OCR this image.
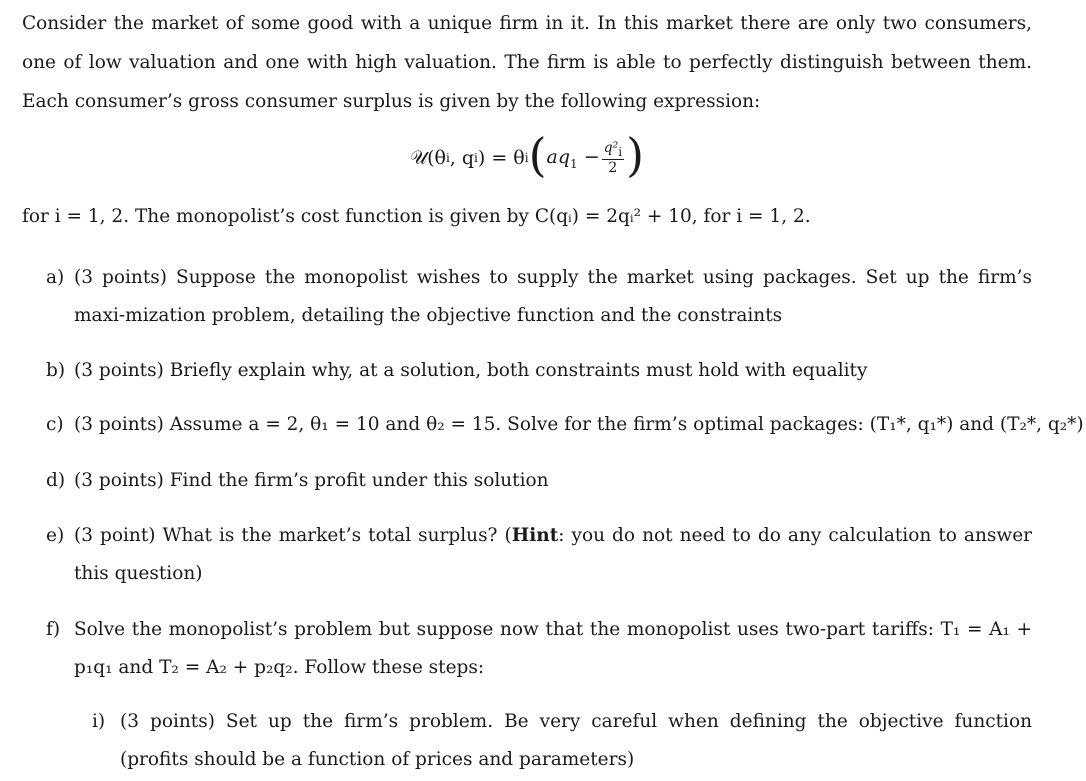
Consider the market of some good with a unique firm in it. In this market there are only two consumers, one of low valuation and one with high valuation. The firm is able to perfectly distinguish between them. Each consumer’s gross consumer surplus is given by the following expression:
𝒰(θ i , q i ) = θ i ( $aq_1 - \frac{q^2_i}{2}$ )
for i = 1, 2. The monopolist’s cost function is given by C(qᵢ) = 2qᵢ² + 10, for i = 1, 2.
a) (3 points) Suppose the monopolist wishes to supply the market using packages. Set up the firm’s maxi-mization problem, detailing the objective function and the constraints
b) (3 points) Briefly explain why, at a solution, both constraints must hold with equality
c) (3 points) Assume a = 2, θ₁ = 10 and θ₂ = 15. Solve for the firm’s optimal packages: (T₁*, q₁*) and (T₂*, q₂*)
d) (3 points) Find the firm’s profit under this solution
e) (3 point) What is the market’s total surplus? (Hint: you do not need to do any calculation to answer this question)
f) Solve the monopolist’s problem but suppose now that the monopolist uses two-part tariffs: T₁ = A₁ + p₁q₁ and T₂ = A₂ + p₂q₂. Follow these steps:
i) (3 points) Set up the firm’s problem. Be very careful when defining the objective function (profits should be a function of prices and parameters)
